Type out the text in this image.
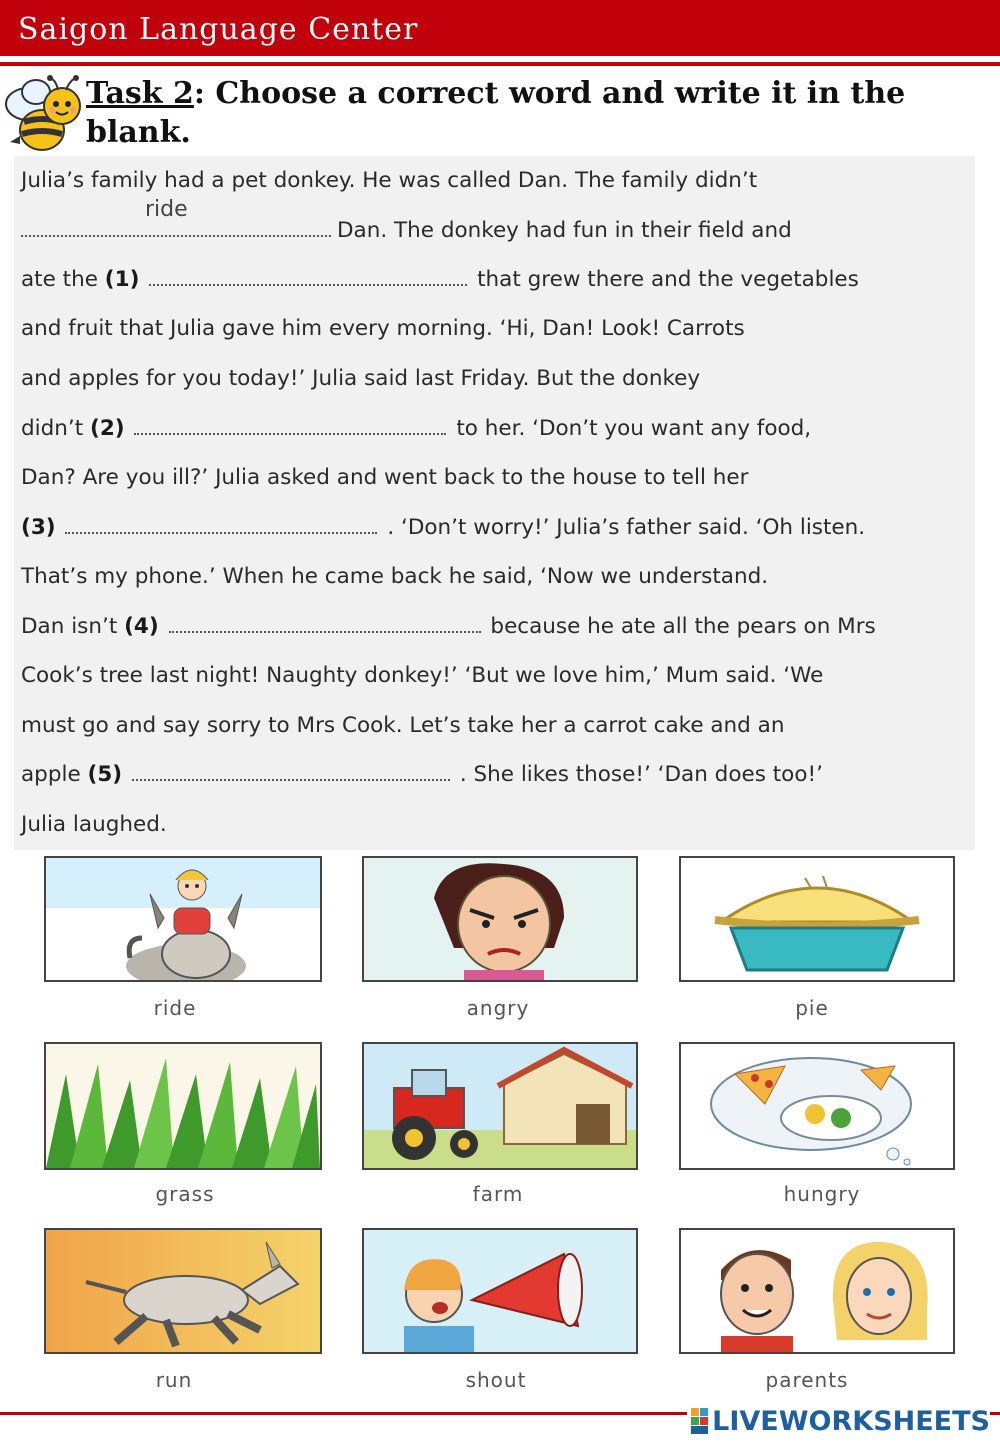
Saigon Language Center
Task 2: Choose a correct word and write it in the blank.
Julia’s family had a pet donkey. He was called Dan. The family didn’t
ride
Dan. The donkey had fun in their field and
ate the (1)	that grew there and the vegetables
and fruit that Julia gave him every morning. ‘Hi, Dan! Look! Carrots
and apples for you today!’ Julia said last Friday. But the donkey
didn’t (2)	to her. ‘Don’t you want any food,
Dan? Are you ill?’ Julia asked and went back to the house to tell her
(3)	. ‘Don’t worry!’ Julia’s father said. ‘Oh listen.
That’s my phone.’ When he came back he said, ‘Now we understand.
Dan isn’t (4)	because he ate all the pears on Mrs
Cook’s tree last night! Naughty donkey!’ ‘But we love him,’ Mum said. ‘We
must go and say sorry to Mrs Cook. Let’s take her a carrot cake and an
apple (5)	. She likes those!’ ‘Dan does too!’
Julia laughed.
ride	angry	pie
grass	farm	hungry
run	shout	parents
LIVEWORKSHEETS
